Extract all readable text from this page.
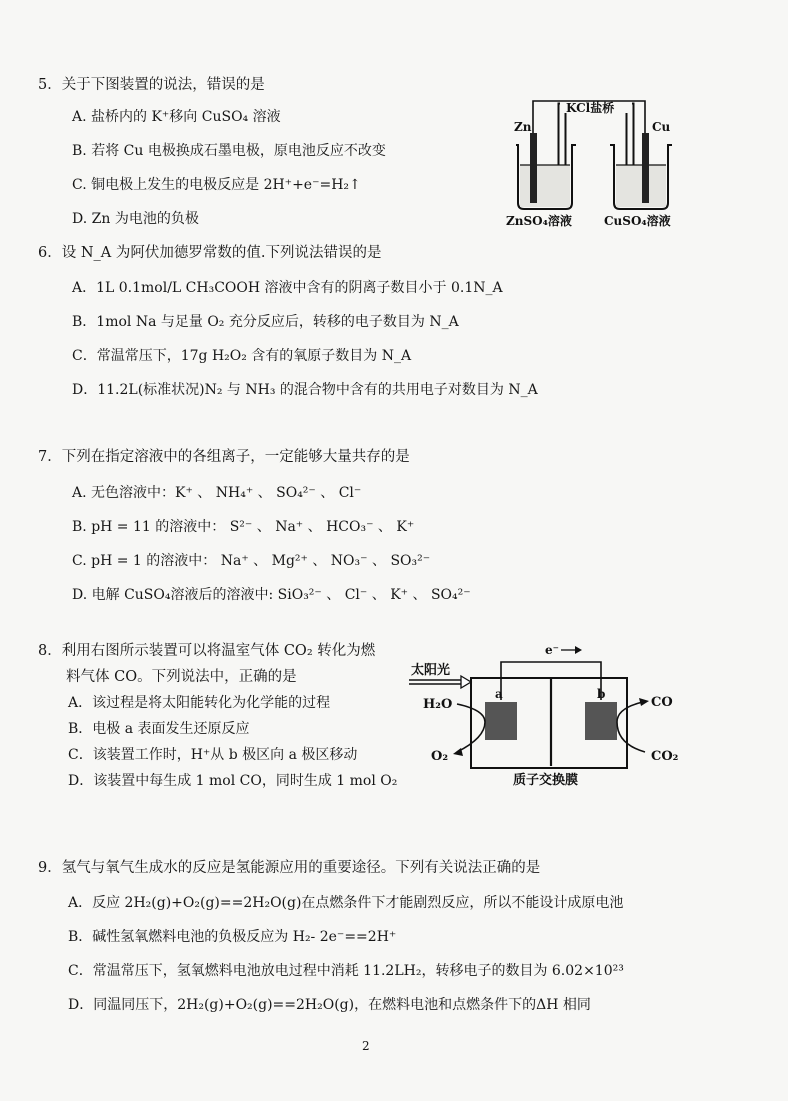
5．关于下图装置的说法，错误的是
A. 盐桥内的 K⁺移向 CuSO₄ 溶液
B. 若将 Cu 电极换成石墨电极，原电池反应不改变
C. 铜电极上发生的电极反应是 2H⁺+e⁻=H₂↑
D. Zn 为电池的负极
KCl盐桥
Zn	Cu
ZnSO₄溶液	CuSO₄溶液
6．设 N_A 为阿伏加德罗常数的值.下列说法错误的是
A．1L 0.1mol/L CH₃COOH 溶液中含有的阴离子数目小于 0.1N_A
B．1mol Na 与足量 O₂ 充分反应后，转移的电子数目为 N_A
C．常温常压下，17g H₂O₂ 含有的氧原子数目为 N_A
D．11.2L(标准状况)N₂ 与 NH₃ 的混合物中含有的共用电子对数目为 N_A
7．下列在指定溶液中的各组离子，一定能够大量共存的是
A. 无色溶液中：K⁺ 、 NH₄⁺ 、 SO₄²⁻ 、 Cl⁻
B. pH = 11 的溶液中： S²⁻ 、 Na⁺ 、 HCO₃⁻ 、 K⁺
C. pH = 1 的溶液中： Na⁺ 、 Mg²⁺ 、 NO₃⁻ 、 SO₃²⁻
D. 电解 CuSO₄溶液后的溶液中: SiO₃²⁻ 、 Cl⁻ 、 K⁺ 、 SO₄²⁻
8．利用右图所示装置可以将温室气体 CO₂ 转化为燃
料气体 CO。下列说法中，正确的是
A．该过程是将太阳能转化为化学能的过程
B．电极 a 表面发生还原反应
C．该装置工作时，H⁺从 b 极区向 a 极区移动
D．该装置中每生成 1 mol CO，同时生成 1 mol O₂
太阳光
e⁻
a	b
H₂O
O₂
CO
CO₂
质子交换膜
9．氢气与氧气生成水的反应是氢能源应用的重要途径。下列有关说法正确的是
A．反应 2H₂(g)+O₂(g)==2H₂O(g)在点燃条件下才能剧烈反应，所以不能设计成原电池
B．碱性氢氧燃料电池的负极反应为 H₂- 2e⁻==2H⁺
C．常温常压下，氢氧燃料电池放电过程中消耗 11.2LH₂，转移电子的数目为 6.02×10²³
D．同温同压下，2H₂(g)+O₂(g)==2H₂O(g)，在燃料电池和点燃条件下的ΔH 相同
2
